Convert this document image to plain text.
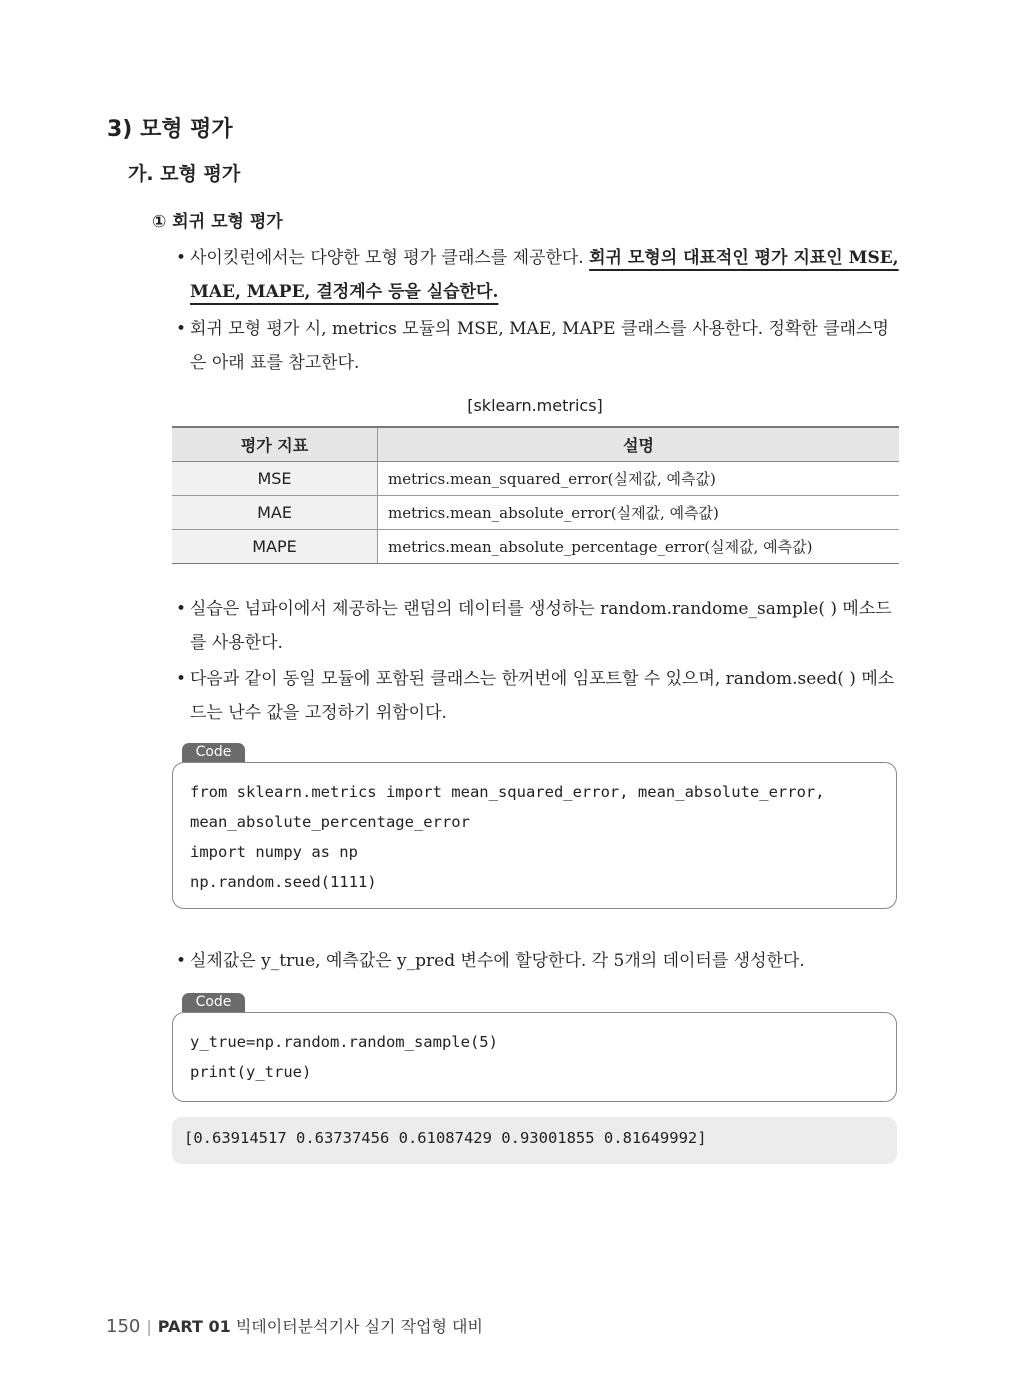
3) 모형 평가
가. 모형 평가
① 회귀 모형 평가
• 사이킷런에서는 다양한 모형 평가 클래스를 제공한다. 회귀 모형의 대표적인 평가 지표인 MSE, MAE, MAPE, 결정계수 등을 실습한다.
• 회귀 모형 평가 시, metrics 모듈의 MSE, MAE, MAPE 클래스를 사용한다. 정확한 클래스명은 아래 표를 참고한다.
[sklearn.metrics]
평가 지표	설명
MSE	metrics.mean_squared_error(실제값, 예측값)
MAE	metrics.mean_absolute_error(실제값, 예측값)
MAPE	metrics.mean_absolute_percentage_error(실제값, 예측값)
• 실습은 넘파이에서 제공하는 랜덤의 데이터를 생성하는 random.randome_sample( ) 메소드를 사용한다.
• 다음과 같이 동일 모듈에 포함된 클래스는 한꺼번에 임포트할 수 있으며, random.seed( ) 메소드는 난수 값을 고정하기 위함이다.
Code
from sklearn.metrics import mean_squared_error, mean_absolute_error,
mean_absolute_percentage_error
import numpy as np
np.random.seed(1111)
• 실제값은 y_true, 예측값은 y_pred 변수에 할당한다. 각 5개의 데이터를 생성한다.
Code
y_true=np.random.random_sample(5)
print(y_true)
[0.63914517 0.63737456 0.61087429 0.93001855 0.81649992]
150 | PART 01 빅데이터분석기사 실기 작업형 대비
